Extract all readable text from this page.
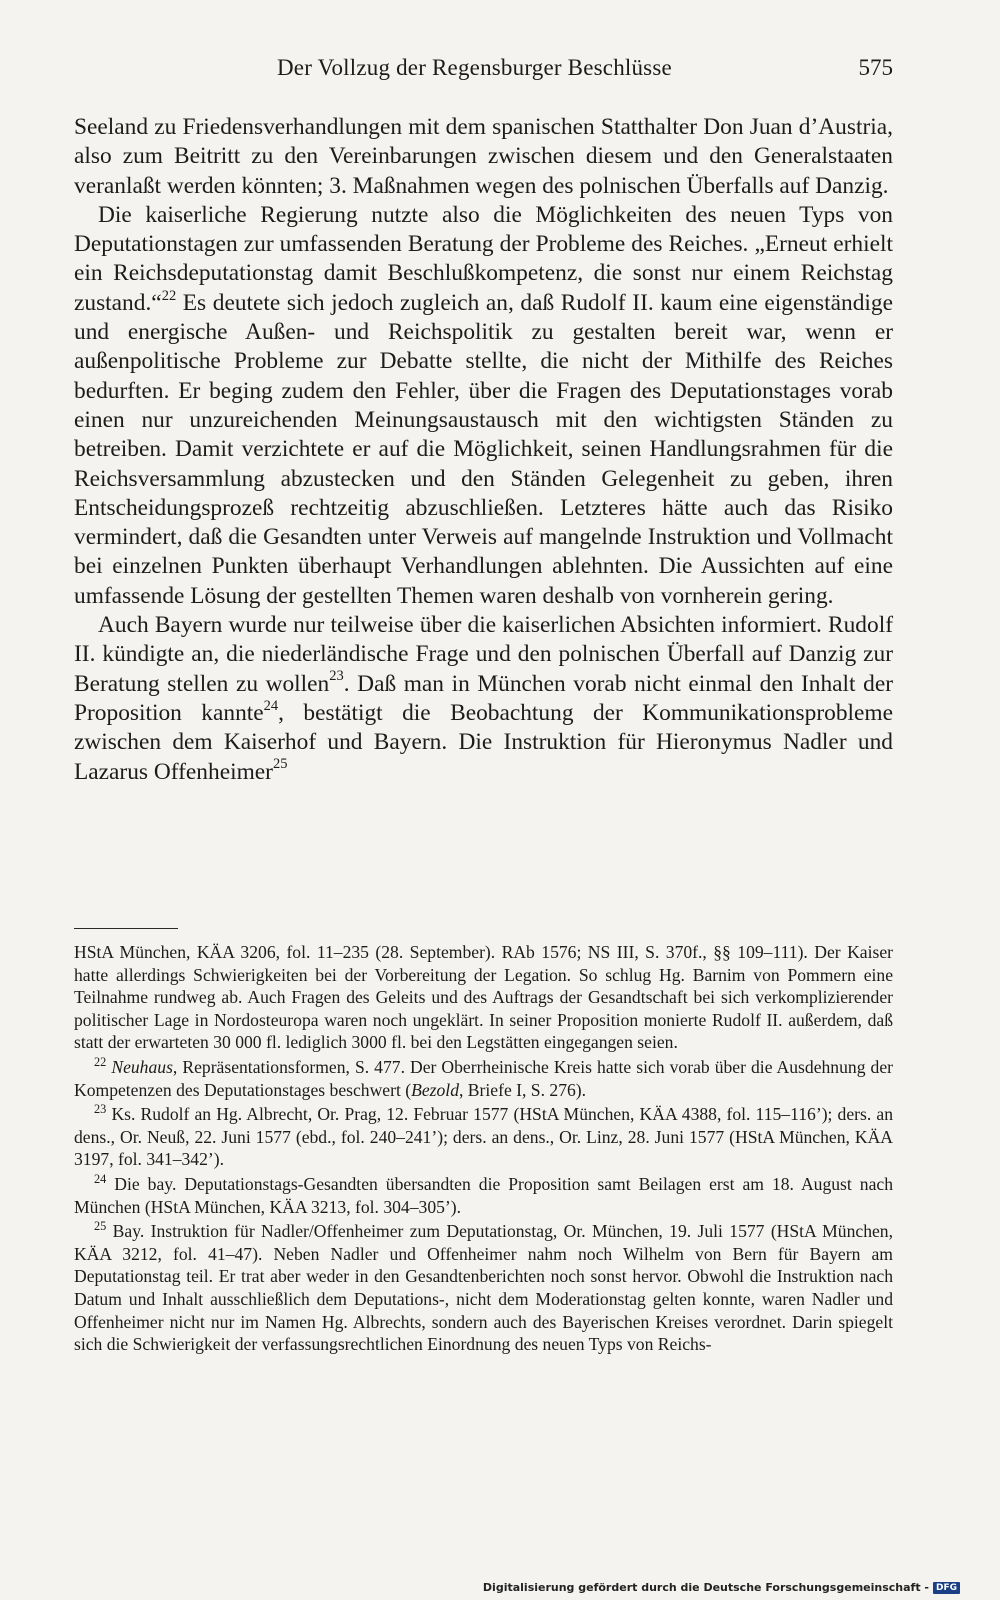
Der Vollzug der Regensburger Beschlüsse	575

Seeland zu Friedensverhandlungen mit dem spanischen Statthalter Don Juan d’Austria, also zum Beitritt zu den Vereinbarungen zwischen diesem und den Generalstaaten veranlaßt werden könnten; 3. Maßnahmen wegen des polnischen Überfalls auf Danzig.

Die kaiserliche Regierung nutzte also die Möglichkeiten des neuen Typs von Deputationstagen zur umfassenden Beratung der Probleme des Reiches. „Erneut erhielt ein Reichsdeputationstag damit Beschlußkompetenz, die sonst nur einem Reichstag zustand.“$^{22}$ Es deutete sich jedoch zugleich an, daß Rudolf II. kaum eine eigenständige und energische Außen- und Reichspolitik zu gestalten bereit war, wenn er außenpolitische Probleme zur Debatte stellte, die nicht der Mithilfe des Reiches bedurften. Er beging zudem den Fehler, über die Fragen des Deputationstages vorab einen nur unzureichenden Meinungsaustausch mit den wichtigsten Ständen zu betreiben. Damit verzichtete er auf die Möglichkeit, seinen Handlungsrahmen für die Reichsversammlung abzustecken und den Ständen Gelegenheit zu geben, ihren Entscheidungsprozeß rechtzeitig abzuschließen. Letzteres hätte auch das Risiko vermindert, daß die Gesandten unter Verweis auf mangelnde Instruktion und Vollmacht bei einzelnen Punkten überhaupt Verhandlungen ablehnten. Die Aussichten auf eine umfassende Lösung der gestellten Themen waren deshalb von vornherein gering.

Auch Bayern wurde nur teilweise über die kaiserlichen Absichten informiert. Rudolf II. kündigte an, die niederländische Frage und den polnischen Überfall auf Danzig zur Beratung stellen zu wollen$^{23}$. Daß man in München vorab nicht einmal den Inhalt der Proposition kannte$^{24}$, bestätigt die Beobachtung der Kommunikationsprobleme zwischen dem Kaiserhof und Bayern. Die Instruktion für Hieronymus Nadler und Lazarus Offenheimer$^{25}$

HStA München, KÄA 3206, fol. 11–235 (28. September). RAb 1576; NS III, S. 370f., §§ 109–111). Der Kaiser hatte allerdings Schwierigkeiten bei der Vorbereitung der Legation. So schlug Hg. Barnim von Pommern eine Teilnahme rundweg ab. Auch Fragen des Geleits und des Auftrags der Gesandtschaft bei sich verkomplizierender politischer Lage in Nordosteuropa waren noch ungeklärt. In seiner Proposition monierte Rudolf II. außerdem, daß statt der erwarteten 30 000 fl. lediglich 3000 fl. bei den Legstätten eingegangen seien.

$^{22}$ Neuhaus, Repräsentationsformen, S. 477. Der Oberrheinische Kreis hatte sich vorab über die Ausdehnung der Kompetenzen des Deputationstages beschwert (Bezold, Briefe I, S. 276).

$^{23}$ Ks. Rudolf an Hg. Albrecht, Or. Prag, 12. Februar 1577 (HStA München, KÄA 4388, fol. 115–116’); ders. an dens., Or. Neuß, 22. Juni 1577 (ebd., fol. 240–241’); ders. an dens., Or. Linz, 28. Juni 1577 (HStA München, KÄA 3197, fol. 341–342’).

$^{24}$ Die bay. Deputationstags-Gesandten übersandten die Proposition samt Beilagen erst am 18. August nach München (HStA München, KÄA 3213, fol. 304–305’).

$^{25}$ Bay. Instruktion für Nadler/Offenheimer zum Deputationstag, Or. München, 19. Juli 1577 (HStA München, KÄA 3212, fol. 41–47). Neben Nadler und Offenheimer nahm noch Wilhelm von Bern für Bayern am Deputationstag teil. Er trat aber weder in den Gesandtenberichten noch sonst hervor. Obwohl die Instruktion nach Datum und Inhalt ausschließlich dem Deputations-, nicht dem Moderationstag gelten konnte, waren Nadler und Offenheimer nicht nur im Namen Hg. Albrechts, sondern auch des Bayerischen Kreises verordnet. Darin spiegelt sich die Schwierigkeit der verfassungsrechtlichen Einordnung des neuen Typs von Reichs-

Digitalisierung gefördert durch die Deutsche Forschungsgemeinschaft - DFG
